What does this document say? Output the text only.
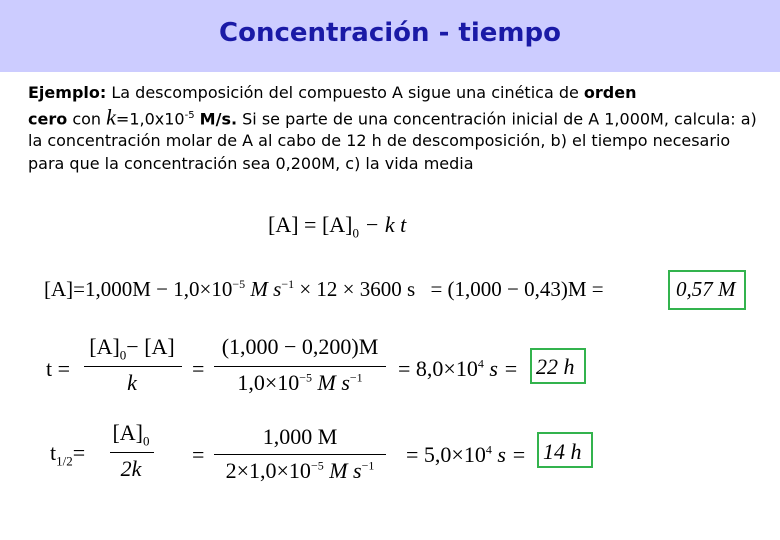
Concentración - tiempo
Ejemplo: La descomposición del compuesto A sigue una cinética de orden
cero con $k=1,0x10^{-5}$ M/s. Si se parte de una concentración inicial de A 1,000M, calcula: a) la concentración molar de A al cabo de 12 h de descomposición, b) el tiempo necesario para que la concentración sea 0,200M, c) la vida media
$[A] = [A]_0 - k$ t
$[A]=1,000M - 1,0\times 10^{-5}$ M $s^{-1} \times 12 \times 3600$ s = (1,000 − 0,43)M =	0,57 M
t =
$[A]_0- [A]$
k
=
(1,000 − 0,200)M
$1,0\times 10^{-5}$ M $s^{-1}$	= $8,0\times 10^4$ s = 22 h
$t_{1/2}=$
$[A]_0$
2k
=
1,000 M
$2\times 1,0\times 10^{-5}$ M $s^{-1}$	= $5,0\times 10^4$ s = 14 h
